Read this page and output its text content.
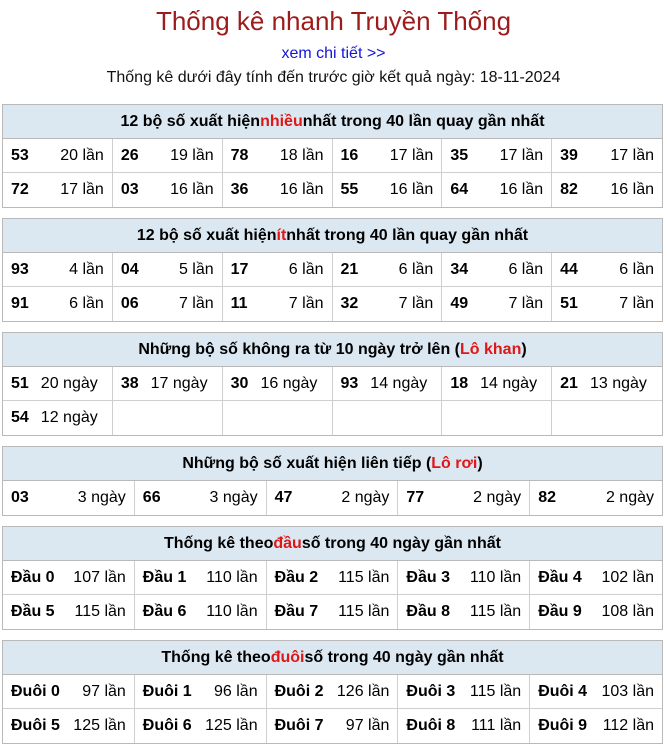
Thống kê nhanh Truyền Thống
xem chi tiết >>
Thống kê dưới đây tính đến trước giờ kết quả ngày: 18-11-2024
12 bộ số xuất hiện nhiều nhất trong 40 lần quay gần nhất
53 20 lần 26 19 lần 78 18 lần 16 17 lần 35 17 lần 39 17 lần
72 17 lần 03 16 lần 36 16 lần 55 16 lần 64 16 lần 82 16 lần
12 bộ số xuất hiện ít nhất trong 40 lần quay gần nhất
93	4 lần 04	5 lần 17	6 lần 21	6 lần 34	6 lần 44	6 lần
91	6 lần 06	7 lần 11	7 lần 32	7 lần 49	7 lần 51	7 lần
Những bộ số không ra từ 10 ngày trở lên ( Lô khan )
51 20 ngày 38 17 ngày 30 16 ngày 93 14 ngày 18 14 ngày 21 13 ngày
54 12 ngày
Những bộ số xuất hiện liên tiếp ( Lô rơi )
03	3 ngày 66	3 ngày 47	2 ngày 77	2 ngày 82	2 ngày
Thống kê theo đầu số trong 40 ngày gần nhất
Đầu 0 107 lần Đầu 1 110 lần Đầu 2 115 lần Đầu 3 110 lần Đầu 4 102 lần
Đầu 5 115 lần Đầu 6 110 lần Đầu 7 115 lần Đầu 8 115 lần Đầu 9 108 lần
Thống kê theo đuôi số trong 40 ngày gần nhất
Đuôi 0 97 lần Đuôi 1 96 lần Đuôi 2 126 lần Đuôi 3 115 lần Đuôi 4 103 lần
Đuôi 5 125 lần Đuôi 6 125 lần Đuôi 7 97 lần Đuôi 8 111 lần Đuôi 9 112 lần
